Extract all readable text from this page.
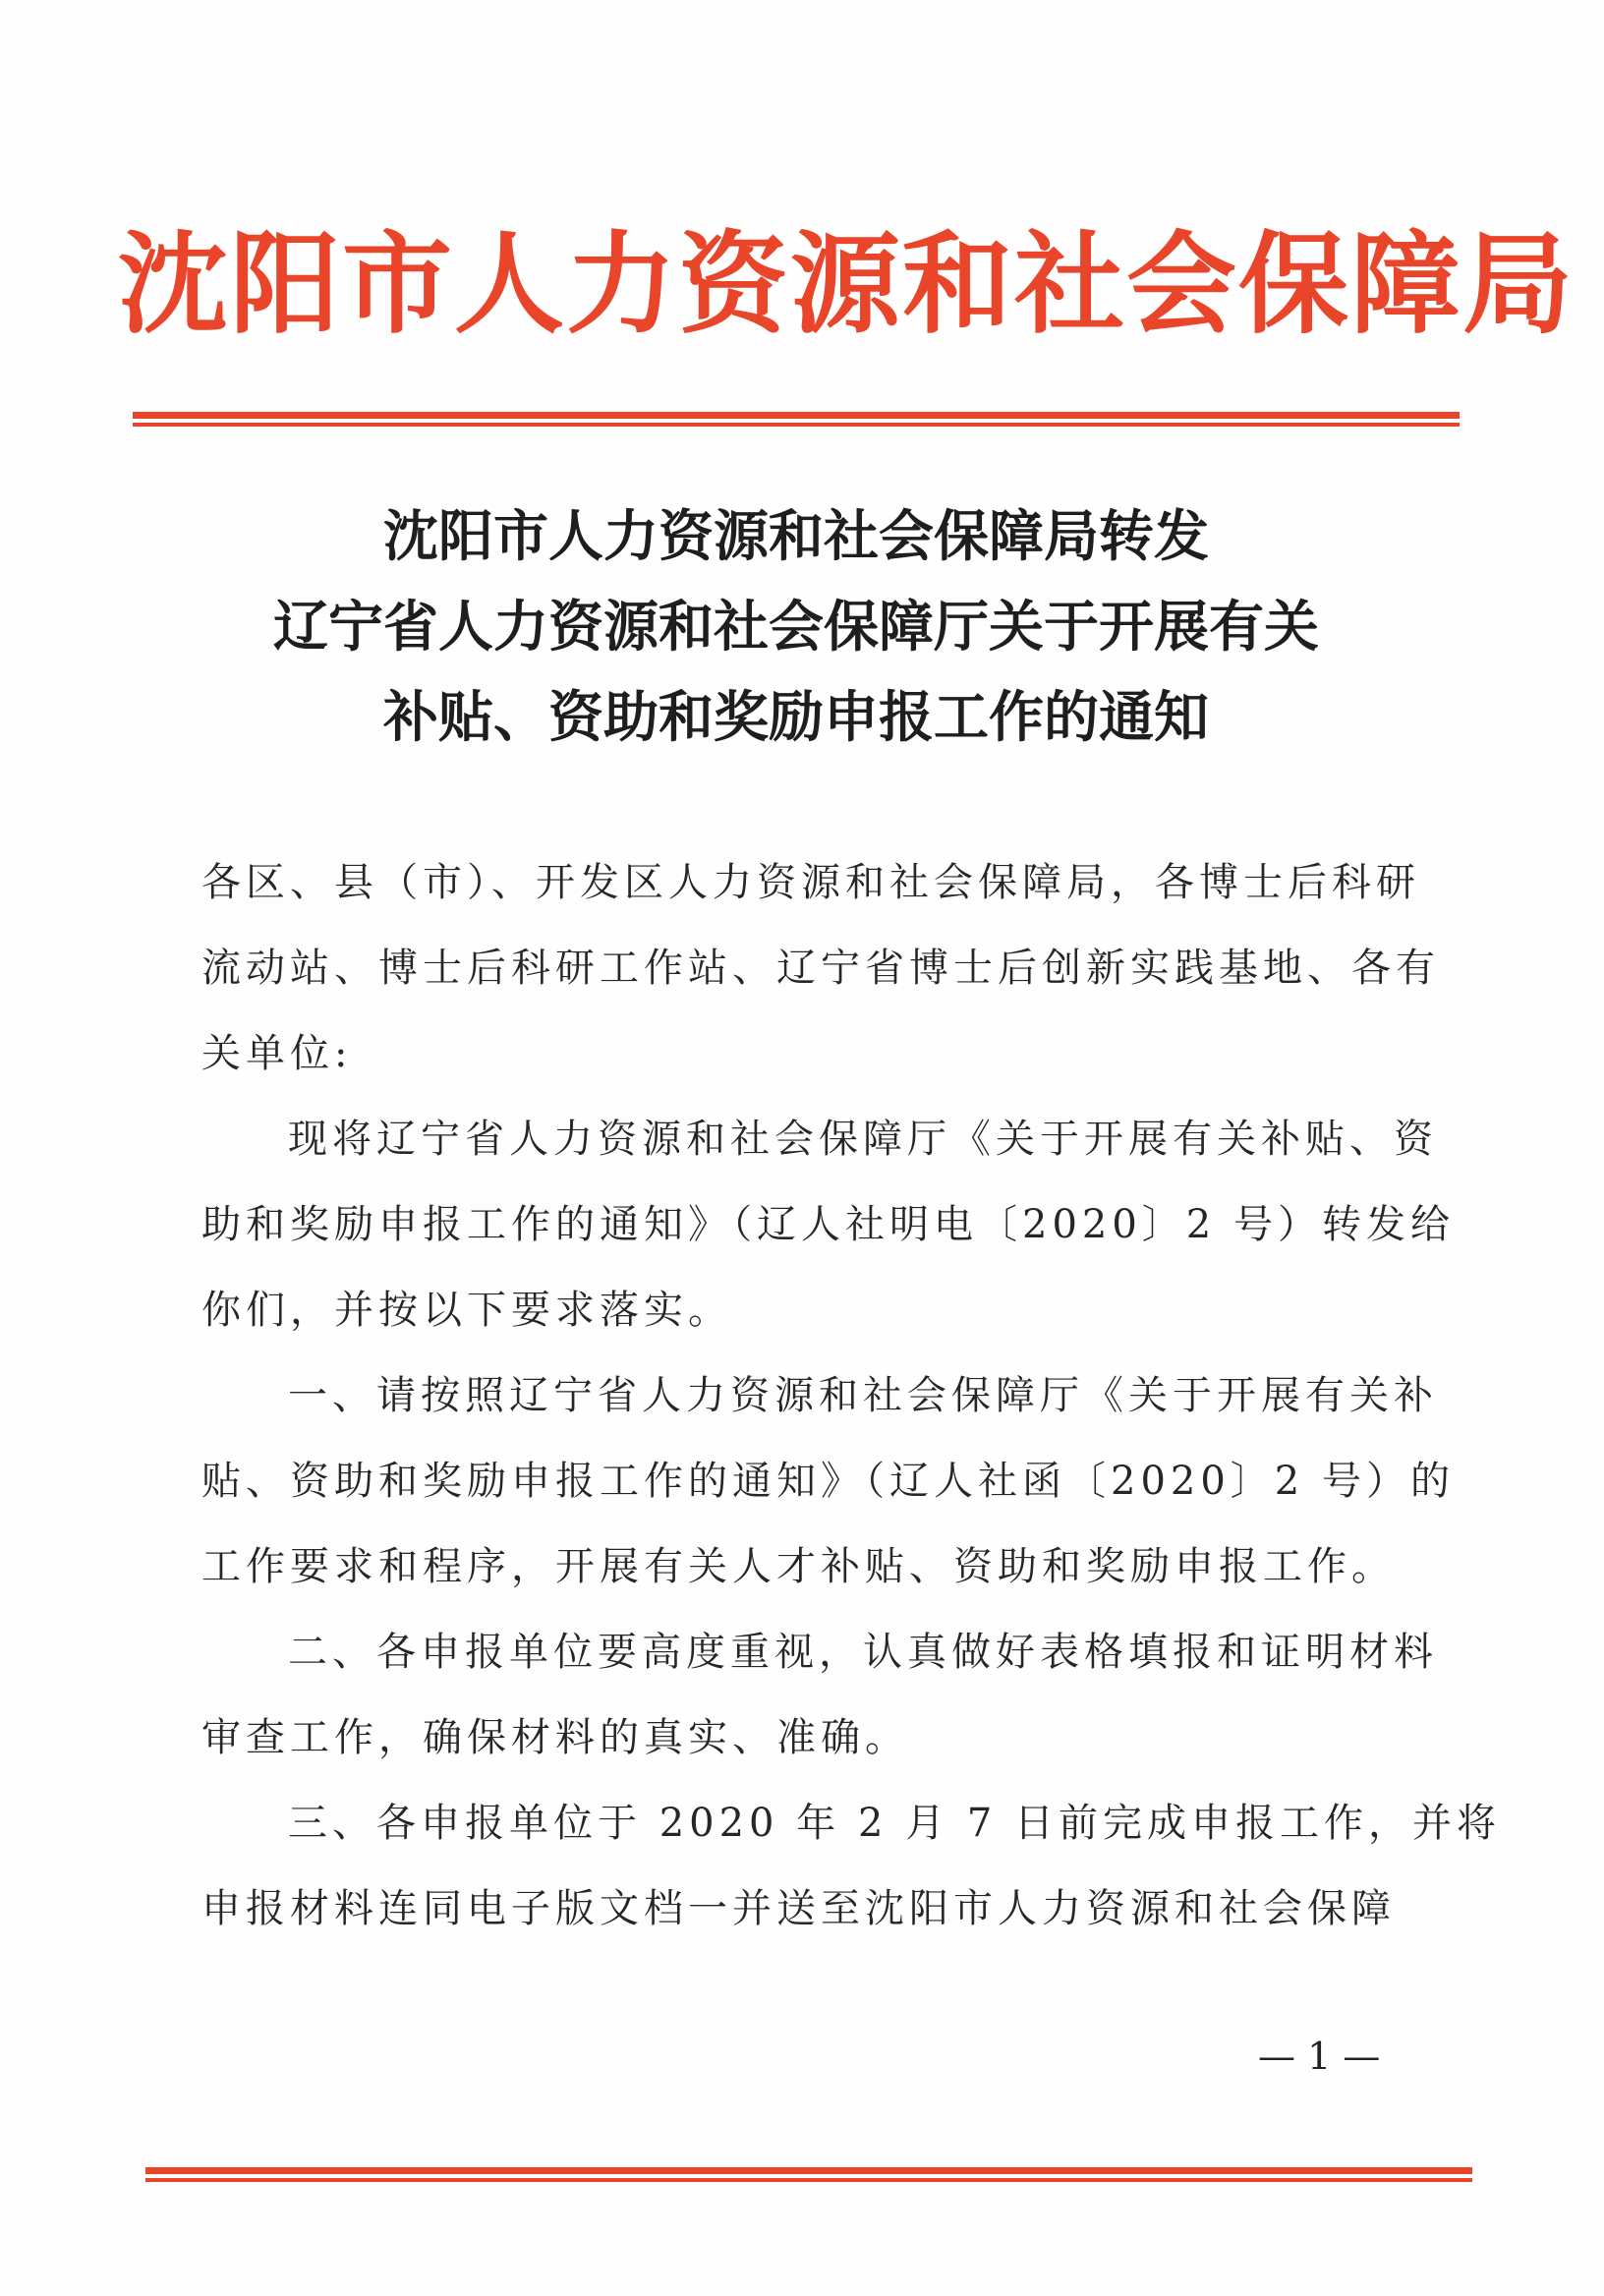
沈阳市人力资源和社会保障局
沈阳市人力资源和社会保障局转发
辽宁省人力资源和社会保障厅关于开展有关
补贴、资助和奖励申报工作的通知
各区、县（市）、开发区人力资源和社会保障局，各博士后科研
流动站、博士后科研工作站、辽宁省博士后创新实践基地、各有
关单位:
现将辽宁省人力资源和社会保障厅《关于开展有关补贴、资
助和奖励申报工作的通知》（辽人社明电〔2020〕2 号）转发给
你们，并按以下要求落实。
一、请按照辽宁省人力资源和社会保障厅《关于开展有关补
贴、资助和奖励申报工作的通知》（辽人社函〔2020〕2 号）的
工作要求和程序，开展有关人才补贴、资助和奖励申报工作。
二、各申报单位要高度重视，认真做好表格填报和证明材料
审查工作，确保材料的真实、准确。
三、各申报单位于 2020 年 2 月 7 日前完成申报工作，并将
申报材料连同电子版文档一并送至沈阳市人力资源和社会保障
— 1 —
